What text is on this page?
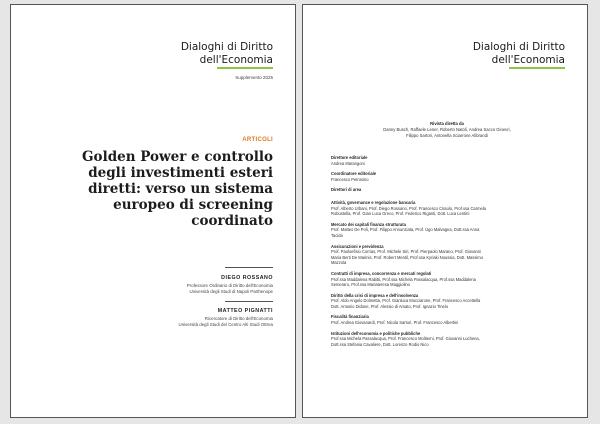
Dialoghi di Diritto
dell'Economia
Supplemento 2025
ARTICOLI
Golden Power e controllo degli investimenti esteri diretti: verso un sistema europeo di screening coordinato
DIEGO ROSSANO
Professore Ordinario di Diritto dell'Economia
Università degli Studi di Napoli Parthenope
MATTEO PIGNATTI
Ricercatore di Diritto dell'Economia
Università degli Studi del Centro Alti Studi Ottrea
Dialoghi di Diritto
dell'Economia
Rivista diretta da
Danny Busch, Raffaele Lener, Roberto Natoli, Andrea Sacco Ginevri,
Filippo Sartori, Antonella Sciarrone Alibrandi
Direttore editoriale
Andrea Marangoni
Coordinatore editoriale
Francesco Petrosino
Direttori di area
Attività, governance e regolazione bancaria
Prof. Alberto Urbani, Prof. Diego Rossano, Prof. Francesco Ciraolo, Prof.ssa Carmela
Robustella, Prof. Gian Luca Greco, Prof. Federico Riganti, Dott. Luca Lentini
Mercato dei capitali finanza strutturata
Prof. Matteo De Poli, Prof. Filippo Annunziata, Prof. Ugo Malvagna, Dott.ssa Anna
Tacida
Assicurazioni e previdenza
Prof. Paoloefisio Corrias, Prof. Michele Siri, Prof. Pierpaolo Marano, Prof. Giovanni
Maria Berti De Marinis, Prof. Robert Mentil, Prof.ssa Kyriaki Noussia, Dott. Massimo
Mazzola
Contratti di impresa, concorrenza e mercati regolati
Prof.ssa Maddalena Rabitti, Prof.ssa Michela Passalacqua, Prof.ssa Maddalena
Semeraro, Prof.ssa Mariateresa Maggiolino
Diritto della crisi di impresa e dell'insolvenza
Prof. Aldo Angelo Dolmetta, Prof. Gianluca Mucciarone, Prof. Francesco Accettella
Dott. Antonio Didone, Prof. Alessio di Amato, Prof. Ignazio Tinelo
Fiscalità finanziaria
Prof. Andrea Giovanardi, Prof. Nicola Sartori, Prof. Francesco Albertini
Istituzioni dell'economia e politiche pubbliche
Prof.ssa Michela Passalacqua, Prof. Francesco Moliterni, Prof. Giovanni Luchena,
Dott.ssa Stefania Cavaliere, Dott. Lorenzo Rodio Nico
